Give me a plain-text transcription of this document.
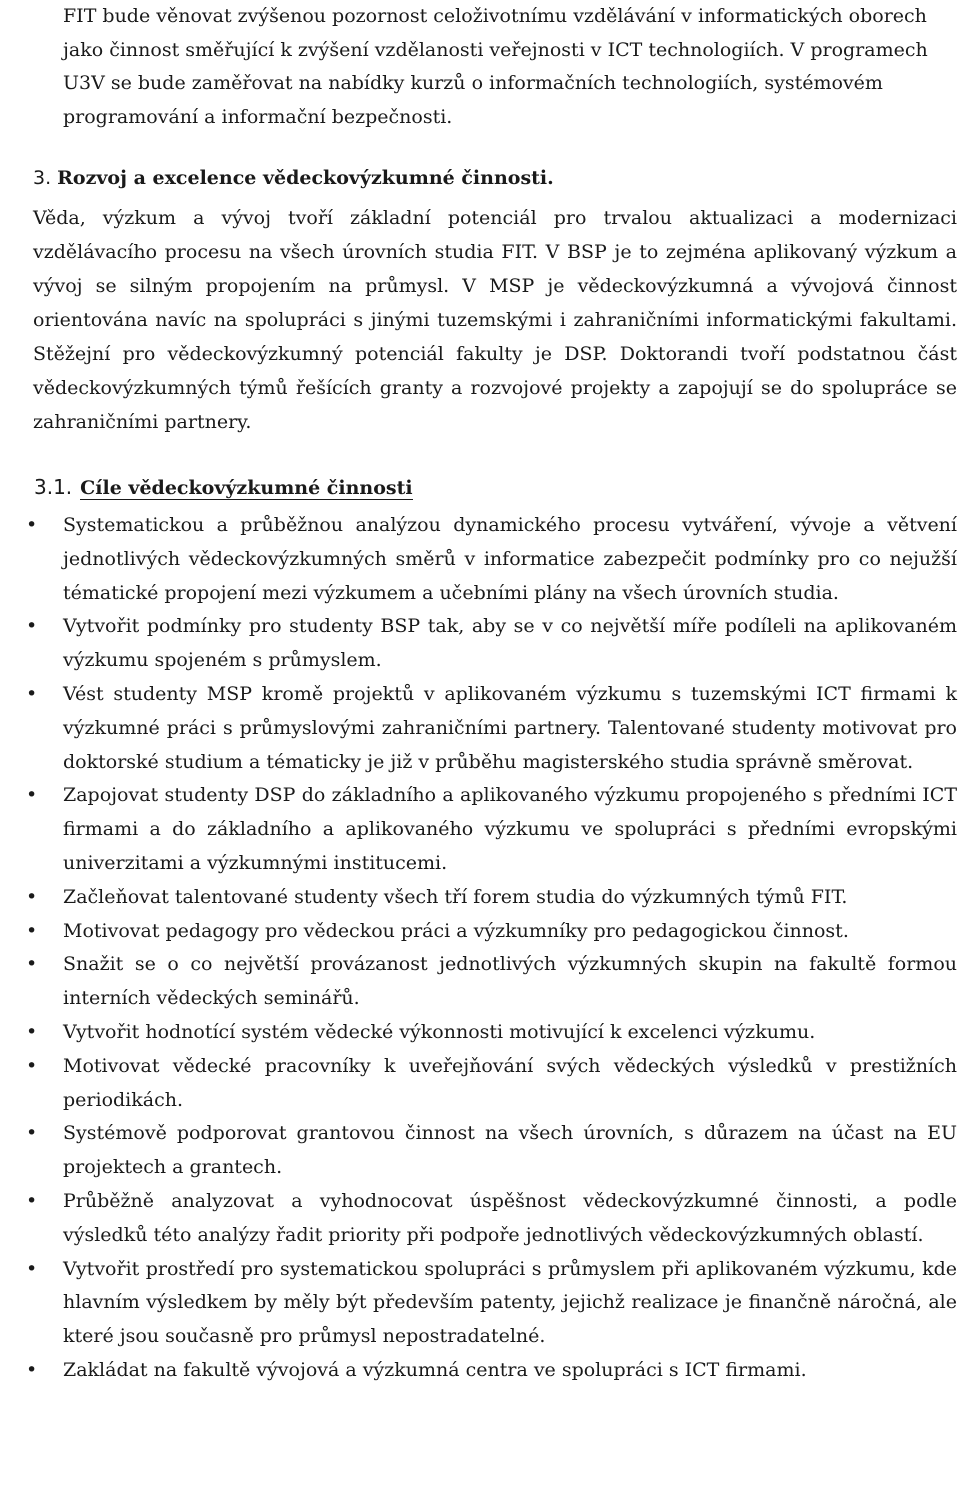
FIT bude věnovat zvýšenou pozornost celoživotnímu vzdělávání v informatických oborech jako činnost směřující k zvýšení vzdělanosti veřejnosti v ICT technologiích. V programech U3V se bude zaměřovat na nabídky kurzů o informačních technologiích, systémovém programování a informační bezpečnosti.

3. Rozvoj a excelence vědeckovýzkumné činnosti.

Věda, výzkum a vývoj tvoří základní potenciál pro trvalou aktualizaci a modernizaci vzdělávacího procesu na všech úrovních studia FIT. V BSP je to zejména aplikovaný výzkum a vývoj se silným propojením na průmysl. V MSP je vědeckovýzkumná a vývojová činnost orientována navíc na spolupráci s jinými tuzemskými i zahraničními informatickými fakultami. Stěžejní pro vědeckovýzkumný potenciál fakulty je DSP. Doktorandi tvoří podstatnou část vědeckovýzkumných týmů řešících granty a rozvojové projekty a zapojují se do spolupráce se zahraničními partnery.

3.1. Cíle vědeckovýzkumné činnosti
• Systematickou a průběžnou analýzou dynamického procesu vytváření, vývoje a větvení jednotlivých vědeckovýzkumných směrů v informatice zabezpečit podmínky pro co nejužší tématické propojení mezi výzkumem a učebními plány na všech úrovních studia.
• Vytvořit podmínky pro studenty BSP tak, aby se v co největší míře podíleli na aplikovaném výzkumu spojeném s průmyslem.
• Vést studenty MSP kromě projektů v aplikovaném výzkumu s tuzemskými ICT firmami k výzkumné práci s průmyslovými zahraničními partnery. Talentované studenty motivovat pro doktorské studium a tématicky je již v průběhu magisterského studia správně směrovat.
• Zapojovat studenty DSP do základního a aplikovaného výzkumu propojeného s předními ICT firmami a do základního a aplikovaného výzkumu ve spolupráci s předními evropskými univerzitami a výzkumnými institucemi.
• Začleňovat talentované studenty všech tří forem studia do výzkumných týmů FIT.
• Motivovat pedagogy pro vědeckou práci a výzkumníky pro pedagogickou činnost.
• Snažit se o co největší provázanost jednotlivých výzkumných skupin na fakultě formou interních vědeckých seminářů.
• Vytvořit hodnotící systém vědecké výkonnosti motivující k excelenci výzkumu.
• Motivovat vědecké pracovníky k uveřejňování svých vědeckých výsledků v prestižních periodikách.
• Systémově podporovat grantovou činnost na všech úrovních, s důrazem na účast na EU projektech a grantech.
• Průběžně analyzovat a vyhodnocovat úspěšnost vědeckovýzkumné činnosti, a podle výsledků této analýzy řadit priority při podpoře jednotlivých vědeckovýzkumných oblastí.
• Vytvořit prostředí pro systematickou spolupráci s průmyslem při aplikovaném výzkumu, kde hlavním výsledkem by měly být především patenty, jejichž realizace je finančně náročná, ale které jsou současně pro průmysl nepostradatelné.
• Zakládat na fakultě vývojová a výzkumná centra ve spolupráci s ICT firmami.
